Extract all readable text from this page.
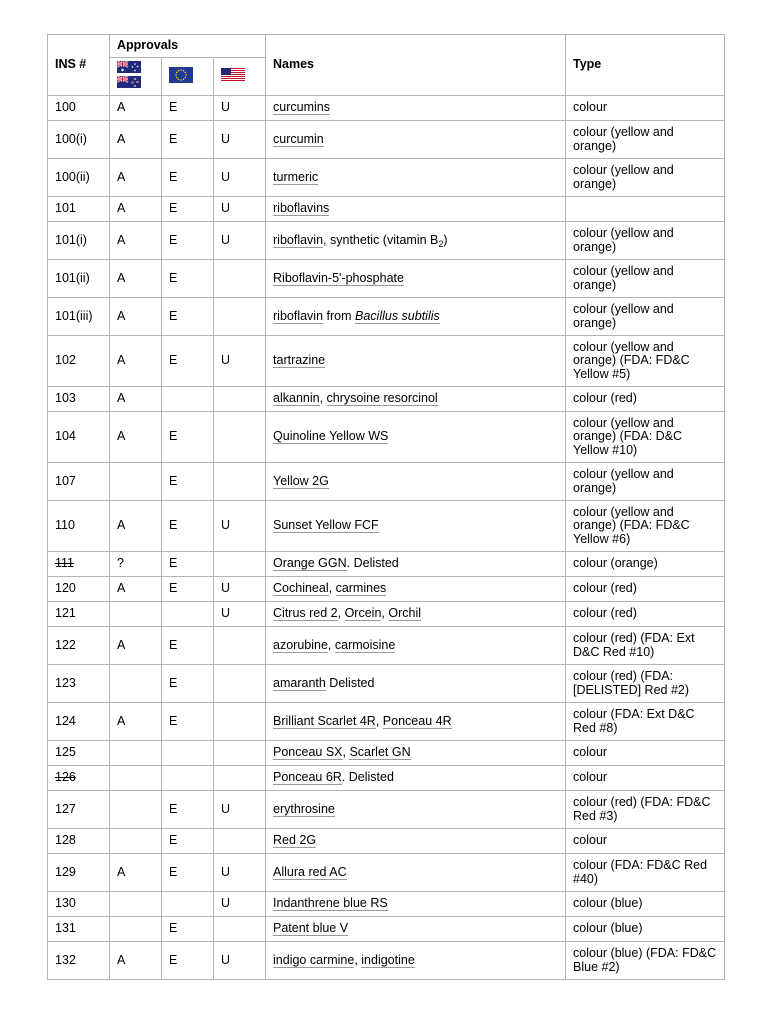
INS #	Approvals			Names	Type

100	A	E	U	curcumins	colour
100(i)	A	E	U	curcumin	colour (yellow and orange)
100(ii)	A	E	U	turmeric	colour (yellow and orange)
101	A	E	U	riboflavins	
101(i)	A	E	U	riboflavin, synthetic (vitamin $B_2$)	colour (yellow and orange)
101(ii)	A	E		Riboflavin-5'-phosphate	colour (yellow and orange)
101(iii)	A	E		riboflavin from Bacillus subtilis	colour (yellow and orange)
102	A	E	U	tartrazine	colour (yellow and orange) (FDA: FD&C Yellow #5)
103	A			alkannin, chrysoine resorcinol	colour (red)
104	A	E		Quinoline Yellow WS	colour (yellow and orange) (FDA: D&C Yellow #10)
107		E		Yellow 2G	colour (yellow and orange)
110	A	E	U	Sunset Yellow FCF	colour (yellow and orange) (FDA: FD&C Yellow #6)
111	?	E		Orange GGN. Delisted	colour (orange)
120	A	E	U	Cochineal, carmines	colour (red)
121			U	Citrus red 2, Orcein, Orchil	colour (red)
122	A	E		azorubine, carmoisine	colour (red) (FDA: Ext D&C Red #10)
123		E		amaranth Delisted	colour (red) (FDA: [DELISTED] Red #2)
124	A	E		Brilliant Scarlet 4R, Ponceau 4R	colour (FDA: Ext D&C Red #8)
125				Ponceau SX, Scarlet GN	colour
126				Ponceau 6R. Delisted	colour
127		E	U	erythrosine	colour (red) (FDA: FD&C Red #3)
128		E		Red 2G	colour
129	A	E	U	Allura red AC	colour (FDA: FD&C Red #40)
130			U	Indanthrene blue RS	colour (blue)
131		E		Patent blue V	colour (blue)
132	A	E	U	indigo carmine, indigotine	colour (blue) (FDA: FD&C Blue #2)
